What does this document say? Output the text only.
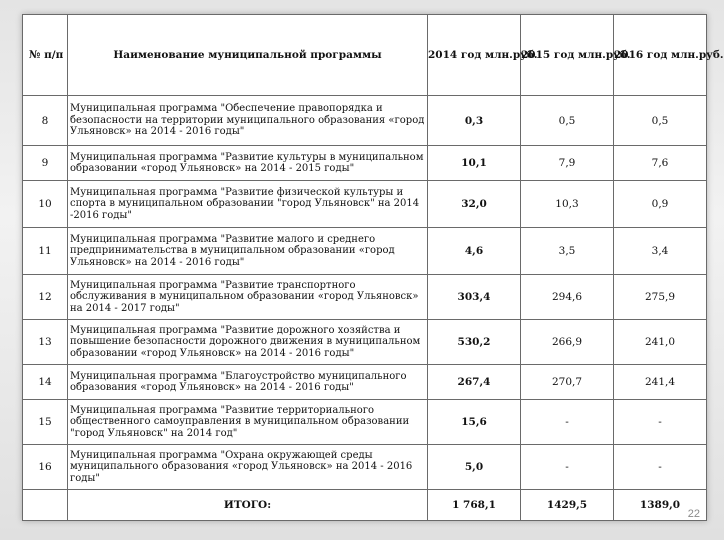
№ п/п	Наименование муниципальной программы	2014 год млн.руб.	2015 год млн.руб.	2016 год млн.руб.
8	Муниципальная программа "Обеспечение правопорядка и безопасности на территории муниципального образования «город Ульяновск» на 2014 - 2016 годы"	0,3	0,5	0,5
9	Муниципальная программа "Развитие культуры в муниципальном образовании «город Ульяновск» на 2014 - 2015 годы"	10,1	7,9	7,6
10	Муниципальная программа "Развитие физической культуры и спорта в муниципальном образовании "город Ульяновск" на 2014 -2016 годы"	32,0	10,3	0,9
11	Муниципальная программа "Развитие малого и среднего предпринимательства в муниципальном образовании «город Ульяновск» на 2014 - 2016 годы"	4,6	3,5	3,4
12	Муниципальная программа "Развитие транспортного обслуживания в муниципальном образовании «город Ульяновск» на 2014 - 2017 годы"	303,4	294,6	275,9
13	Муниципальная программа "Развитие дорожного хозяйства и повышение безопасности дорожного движения в муниципальном образовании «город Ульяновск» на 2014 - 2016 годы"	530,2	266,9	241,0
14	Муниципальная программа "Благоустройство муниципального образования «город Ульяновск» на 2014 - 2016 годы"	267,4	270,7	241,4
15	Муниципальная программа "Развитие территориального общественного самоуправления в муниципальном образовании "город Ульяновск" на 2014 год"	15,6	-	-
16	Муниципальная программа "Охрана окружающей среды муниципального образования «город Ульяновск» на 2014 - 2016 годы"	5,0	-	-
	ИТОГО:	1 768,1	1429,5	1389,0
22
